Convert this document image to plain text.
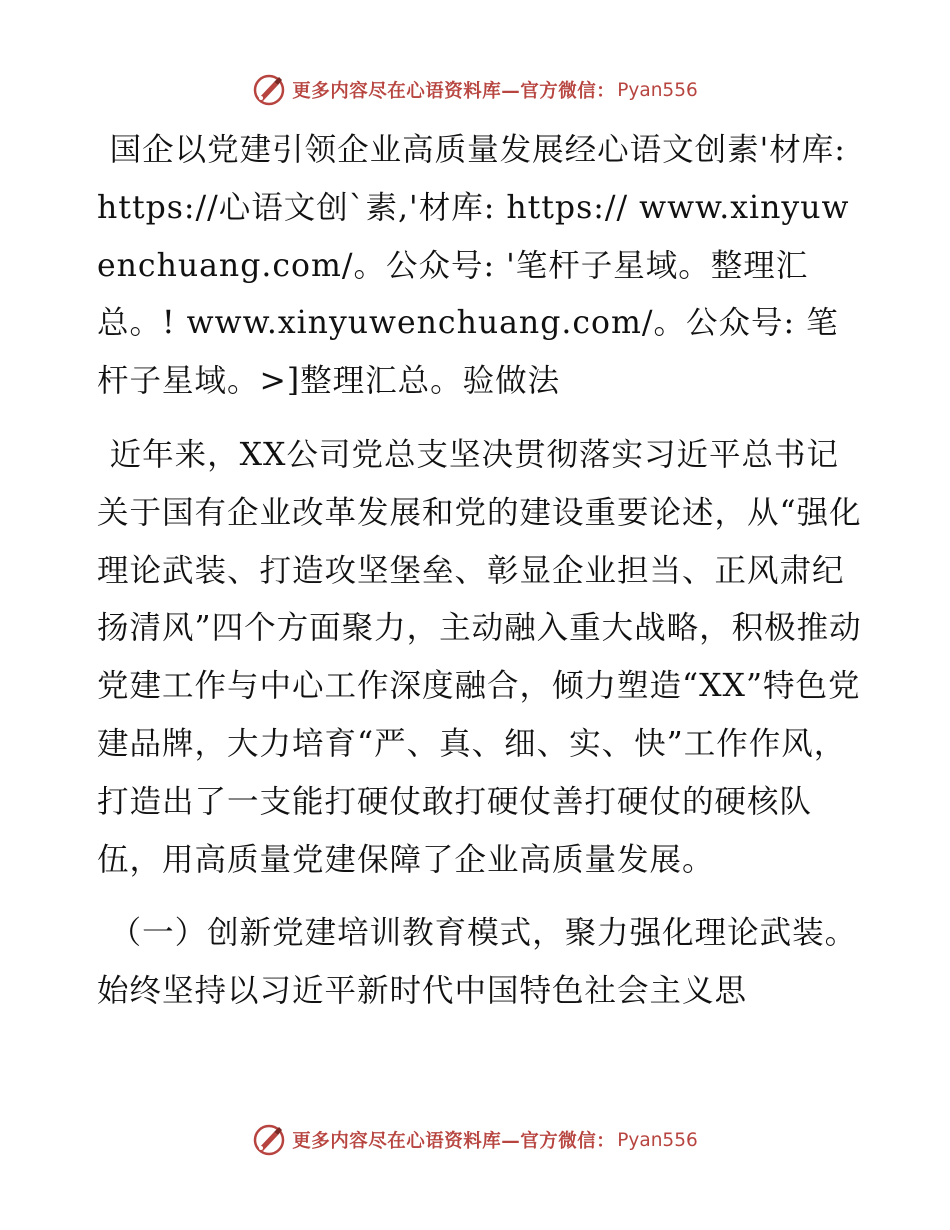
更多内容尽在心语资料库—官方微信： Pyan556

国企以党建引领企业高质量发展经心语文创素'材库: https://心语文创`素,'材库: https:// www.xinyuwenchuang.com/。公众号: '笔杆子星域。整理汇总。! www.xinyuwenchuang.com/。公众号: 笔杆子星域。>]整理汇总。验做法

近年来，XX公司党总支坚决贯彻落实习近平总书记关于国有企业改革发展和党的建设重要论述，从“强化理论武装、打造攻坚堡垒、彰显企业担当、正风肃纪扬清风”四个方面聚力，主动融入重大战略，积极推动党建工作与中心工作深度融合，倾力塑造“XX”特色党建品牌，大力培育“严、真、细、实、快”工作作风，打造出了一支能打硬仗敢打硬仗善打硬仗的硬核队伍，用高质量党建保障了企业高质量发展。

（一）创新党建培训教育模式，聚力强化理论武装。始终坚持以习近平新时代中国特色社会主义思

更多内容尽在心语资料库—官方微信： Pyan556
